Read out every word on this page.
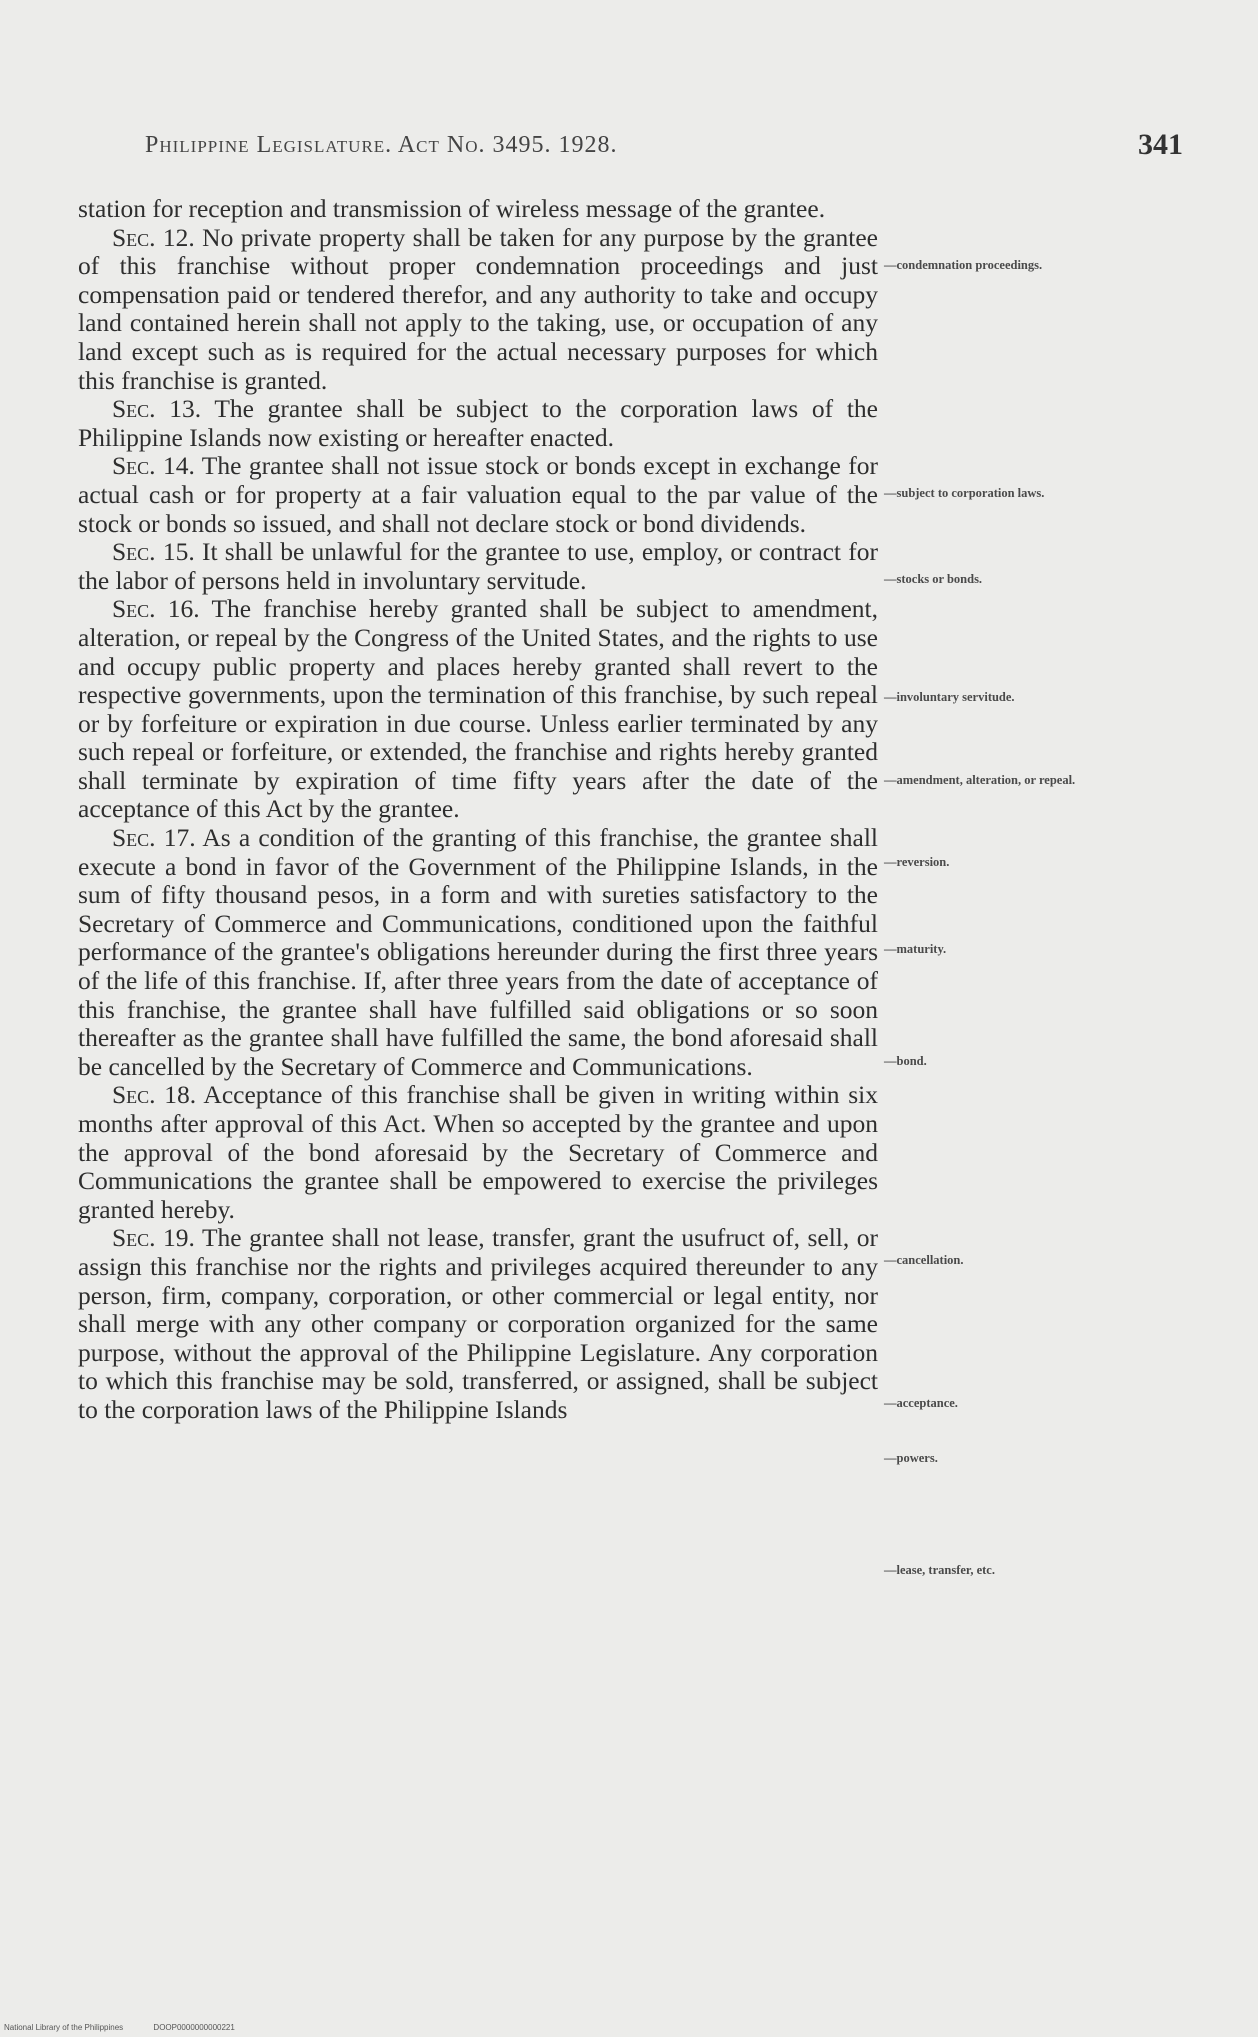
Philippine Legislature. Act No. 3495. 1928.	341

station for reception and transmission of wireless message of the grantee.

Sec. 12. No private property shall be taken for any purpose by the grantee of this franchise without proper condemnation proceedings and just compensation paid or tendered therefor, and any authority to take and occupy land contained herein shall not apply to the taking, use, or occupation of any land except such as is required for the actual necessary purposes for which this franchise is granted.

Sec. 13. The grantee shall be subject to the corporation laws of the Philippine Islands now existing or hereafter enacted.

Sec. 14. The grantee shall not issue stock or bonds except in exchange for actual cash or for property at a fair valuation equal to the par value of the stock or bonds so issued, and shall not declare stock or bond dividends.

Sec. 15. It shall be unlawful for the grantee to use, employ, or contract for the labor of persons held in involuntary servitude.

Sec. 16. The franchise hereby granted shall be subject to amendment, alteration, or repeal by the Congress of the United States, and the rights to use and occupy public property and places hereby granted shall revert to the respective governments, upon the termination of this franchise, by such repeal or by forfeiture or expiration in due course. Unless earlier terminated by any such repeal or forfeiture, or extended, the franchise and rights hereby granted shall terminate by expiration of time fifty years after the date of the acceptance of this Act by the grantee.

Sec. 17. As a condition of the granting of this franchise, the grantee shall execute a bond in favor of the Government of the Philippine Islands, in the sum of fifty thousand pesos, in a form and with sureties satisfactory to the Secretary of Commerce and Communications, conditioned upon the faithful performance of the grantee's obligations hereunder during the first three years of the life of this franchise. If, after three years from the date of acceptance of this franchise, the grantee shall have fulfilled said obligations or so soon thereafter as the grantee shall have fulfilled the same, the bond aforesaid shall be cancelled by the Secretary of Commerce and Communications.

Sec. 18. Acceptance of this franchise shall be given in writing within six months after approval of this Act. When so accepted by the grantee and upon the approval of the bond aforesaid by the Secretary of Commerce and Communications the grantee shall be empowered to exercise the privileges granted hereby.

Sec. 19. The grantee shall not lease, transfer, grant the usufruct of, sell, or assign this franchise nor the rights and privileges acquired thereunder to any person, firm, company, corporation, or other commercial or legal entity, nor shall merge with any other company or corporation organized for the same purpose, without the approval of the Philippine Legislature. Any corporation to which this franchise may be sold, transferred, or assigned, shall be subject to the corporation laws of the Philippine Islands

—condemnation proceedings.
—subject to corporation laws.
—stocks or bonds.
—involuntary servitude.
—amendment, alteration, or repeal.
—reversion.
—maturity.
—bond.
—cancellation.
—acceptance.
—powers.
—lease, transfer, etc.
National Library of the Philippines	DOOP0000000000221
